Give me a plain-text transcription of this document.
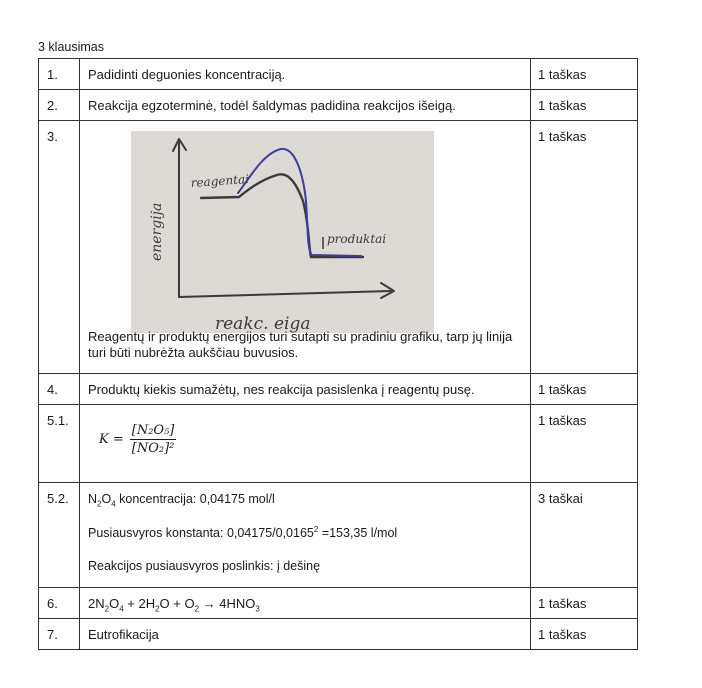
3 klausimas
1.	Padidinti deguonies koncentraciją.	1 taškas

2.	Reakcija egzoterminė, todėl šaldymas padidina reakcijos išeigą.	1 taškas

3.	energija
reagentai
produktai
reakc. eiga
Reagentų ir produktų energijos turi sutapti su pradiniu grafiku, tarp jų linija turi būti nubrėžta aukščiau buvusios.	1 taškas

4.	Produktų kiekis sumažėtų, nes reakcija pasislenka į reagentų pusę.	1 taškas

5.1.	$K = \frac{\text{[N₂O₅]}}{\text{[NO₂]²}}$	1 taškas

5.2.	$N_2O_4$ koncentracija: 0,04175 mol/l
Pusiausvyros konstanta: $0,04175/0,0165^2 =153,35$ l/mol
Reakcijos pusiausvyros poslinkis: į dešinę	3 taškai

6.	$2N_2O_4 + 2H_2O + O_2 \to 4HNO_3$	1 taškas

7.	Eutrofikacija	1 taškas
